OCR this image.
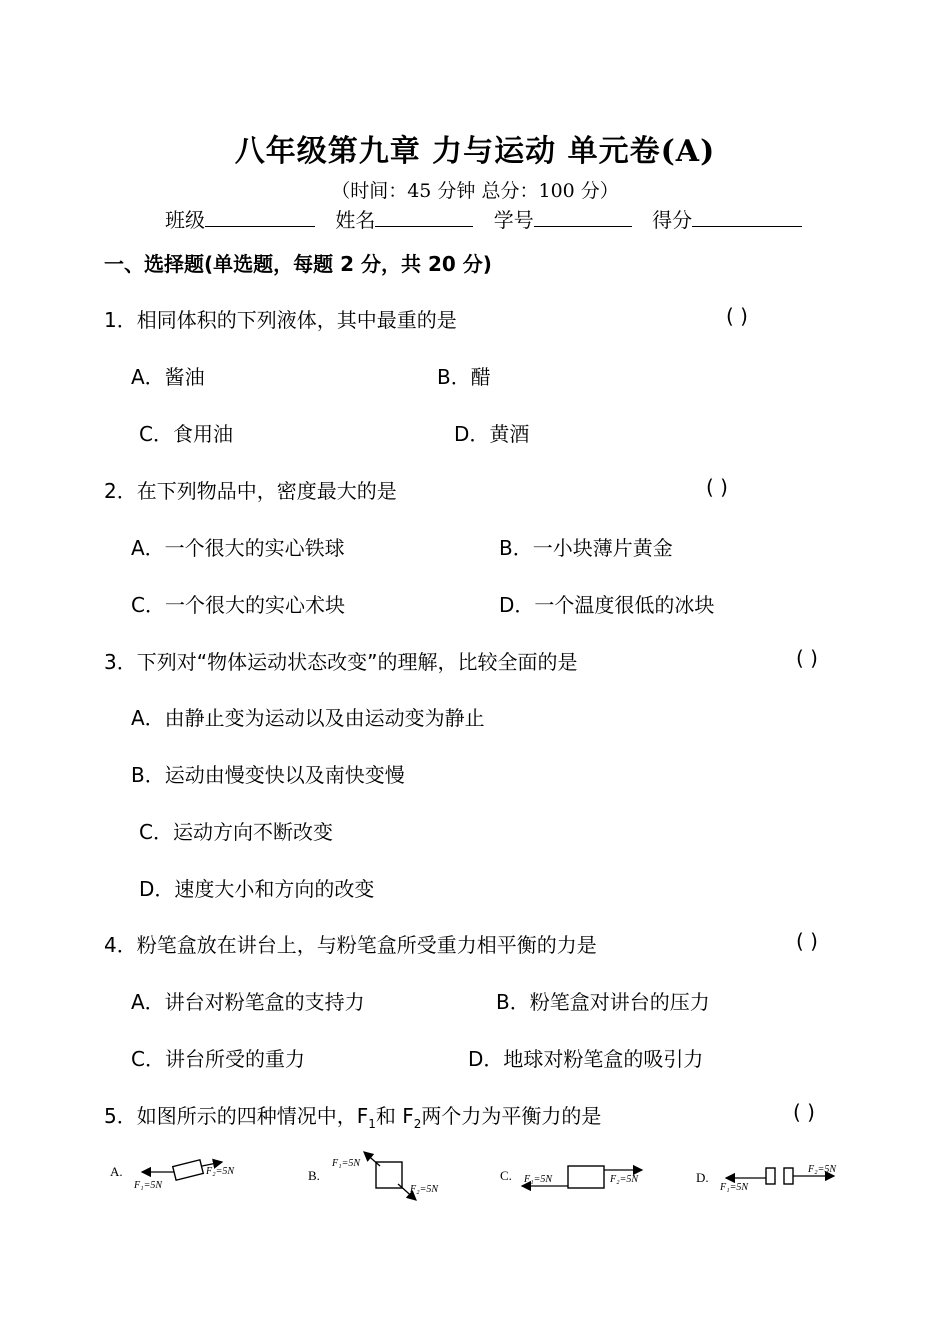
八年级第九章 力与运动 单元卷(A)
（时间：45 分钟 总分：100 分）
班级	姓名	学号	得分
一、选择题(单选题，每题 2 分，共 20 分)
1．相同体积的下列液体，其中最重的是	( )
A．酱油	B．醋
C．食用油	D．黄酒
2．在下列物品中，密度最大的是	( )
A．一个很大的实心铁球	B．一小块薄片黄金
C．一个很大的实心术块	D．一个温度很低的冰块
3．下列对“物体运动状态改变”的理解，比较全面的是	( )
A．由静止变为运动以及由运动变为静止
B．运动由慢变快以及南快变慢
C．运动方向不断改变
D．速度大小和方向的改变
4．粉笔盒放在讲台上，与粉笔盒所受重力相平衡的力是	( )
A．讲台对粉笔盒的支持力	B．粉笔盒对讲台的压力
C．讲台所受的重力	D．地球对粉笔盒的吸引力
5．如图所示的四种情况中，$F_1$和 $F_2$两个力为平衡力的是	( )
A.
F₁=5N
F₂=5N	B.
F₁=5N
F₂=5N
C. F₁=5N	F₂=5N	D.
F₁=5N
F₂=5N
